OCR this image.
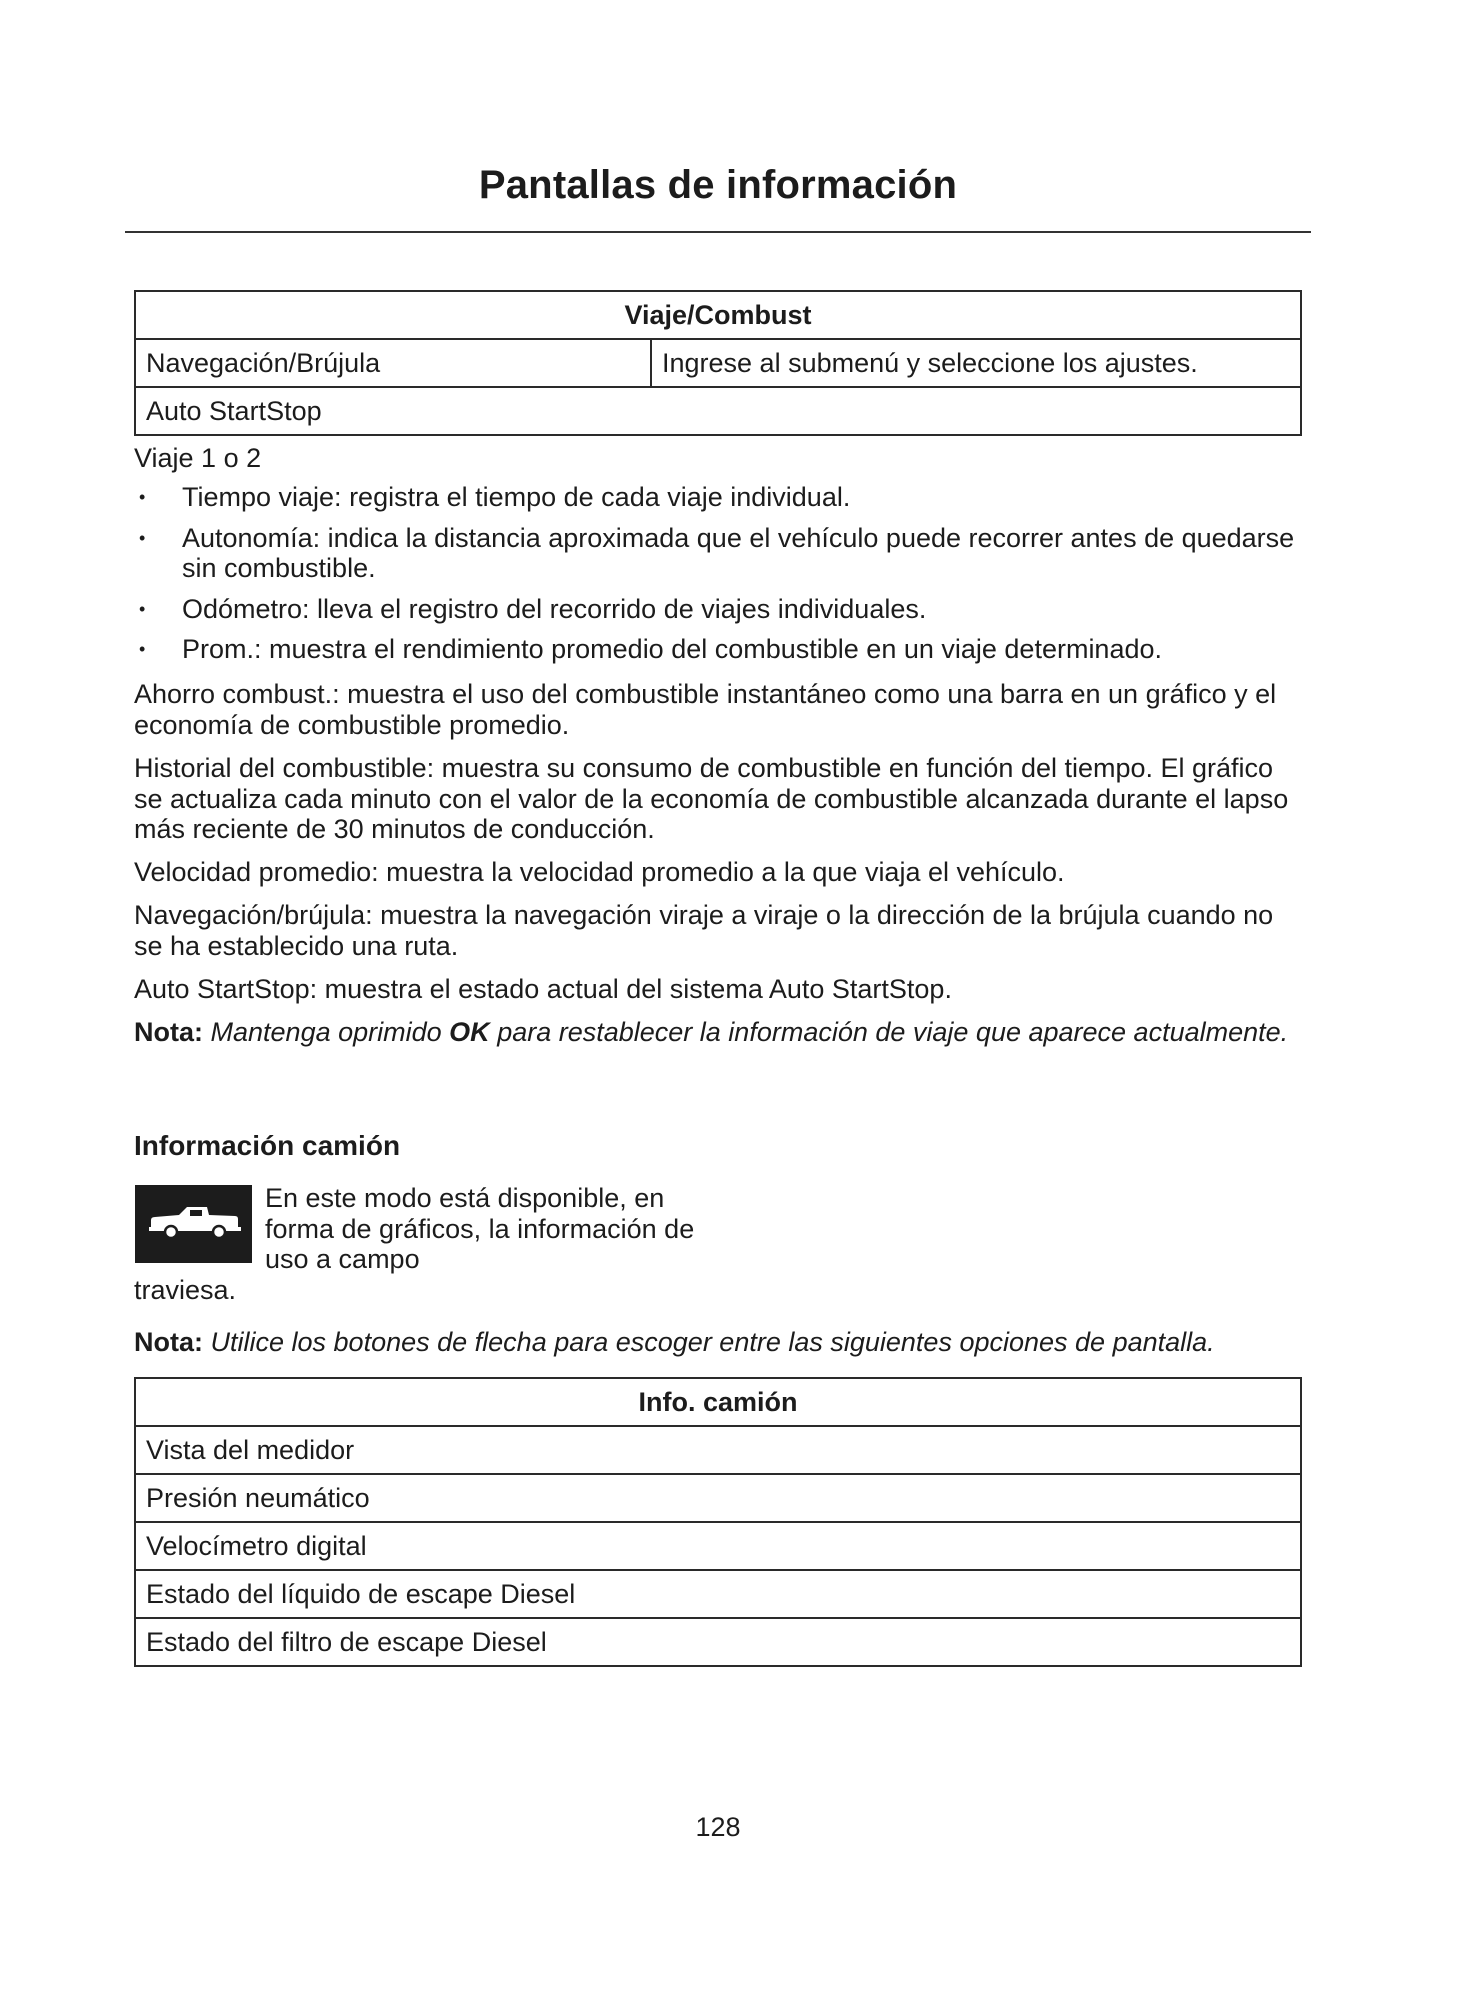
Pantallas de información
Viaje/Combust
Navegación/Brújula	Ingrese al submenú y seleccione los ajustes.
Auto StartStop
Viaje 1 o 2
• Tiempo viaje: registra el tiempo de cada viaje individual.
• Autonomía: indica la distancia aproximada que el vehículo puede recorrer antes de quedarse sin combustible.
• Odómetro: lleva el registro del recorrido de viajes individuales.
• Prom.: muestra el rendimiento promedio del combustible en un viaje determinado.
Ahorro combust.: muestra el uso del combustible instantáneo como una barra en un gráfico y el economía de combustible promedio.
Historial del combustible: muestra su consumo de combustible en función del tiempo. El gráfico se actualiza cada minuto con el valor de la economía de combustible alcanzada durante el lapso más reciente de 30 minutos de conducción.
Velocidad promedio: muestra la velocidad promedio a la que viaja el vehículo.
Navegación/brújula: muestra la navegación viraje a viraje o la dirección de la brújula cuando no se ha establecido una ruta.
Auto StartStop: muestra el estado actual del sistema Auto StartStop.
Nota: Mantenga oprimido OK para restablecer la información de viaje que aparece actualmente.
Información camión
En este modo está disponible, en forma de gráficos, la información de uso a campo
traviesa.
Nota: Utilice los botones de flecha para escoger entre las siguientes opciones de pantalla.
Info. camión
Vista del medidor
Presión neumático
Velocímetro digital
Estado del líquido de escape Diesel
Estado del filtro de escape Diesel
128
